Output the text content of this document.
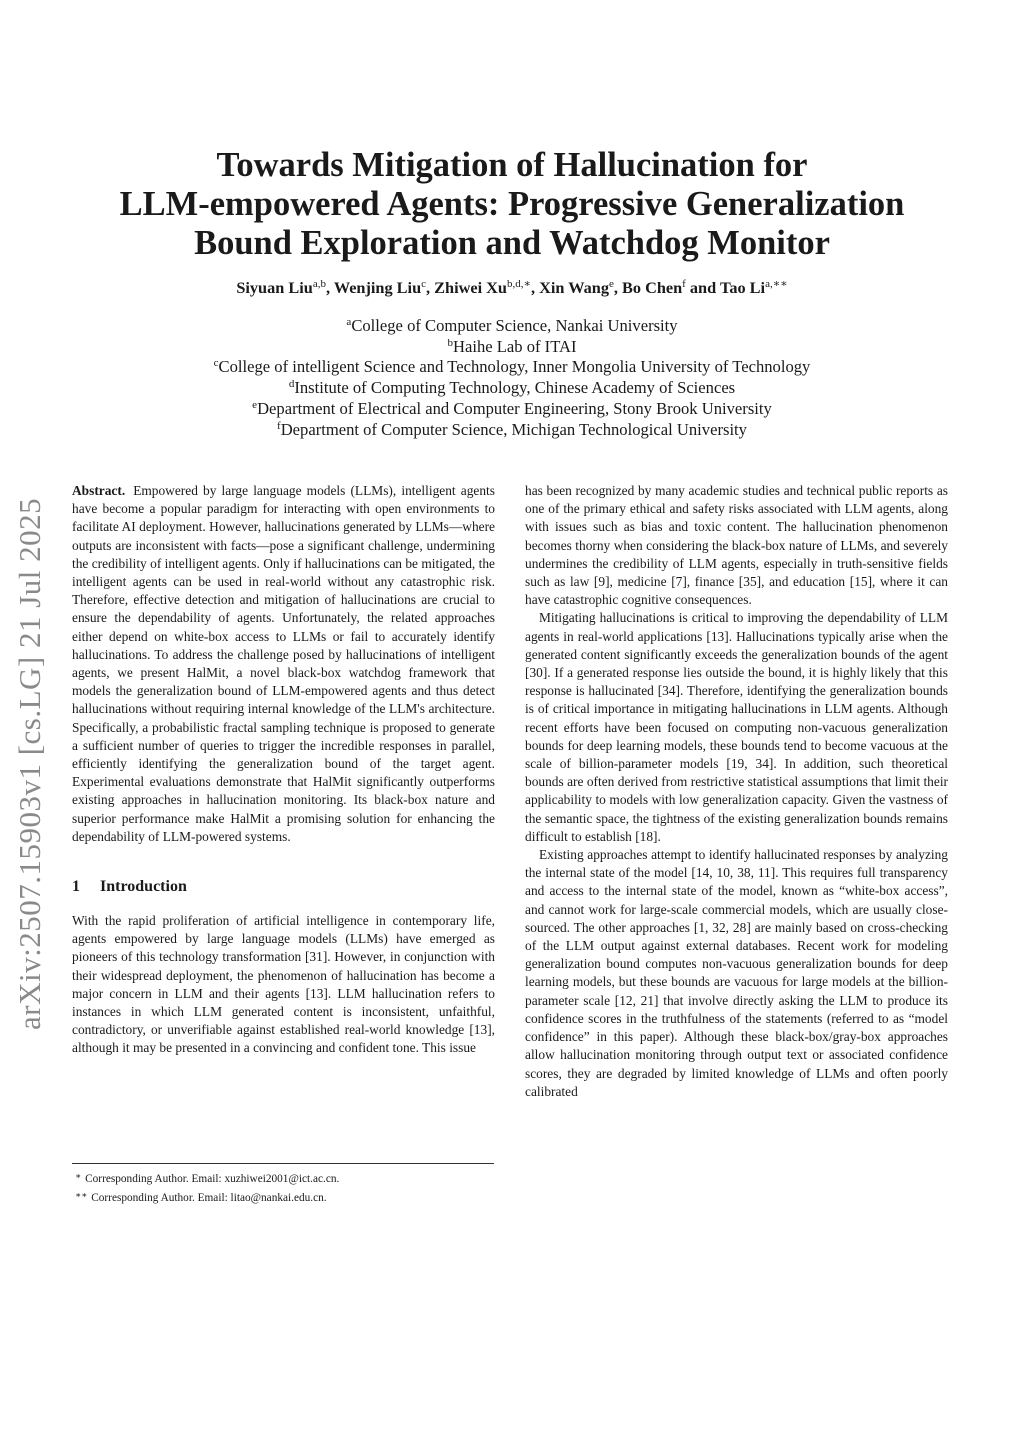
arXiv:2507.15903v1 [cs.LG] 21 Jul 2025
Towards Mitigation of Hallucination for
LLM-empowered Agents: Progressive Generalization
Bound Exploration and Watchdog Monitor
Siyuan Liu$^{a,b}$, Wenjing Liu$^c$, Zhiwei $Xu^{b,d,∗}$, Xin Wang$^e$, Bo Chen$^f$ and Tao $Li^{a,∗∗}$
$^a$College of Computer Science, Nankai University
$^b$Haihe Lab of ITAI
$^c$College of intelligent Science and Technology, Inner Mongolia University of Technology
$^d$Institute of Computing Technology, Chinese Academy of Sciences
$^e$Department of Electrical and Computer Engineering, Stony Brook University
$^f$Department of Computer Science, Michigan Technological University

Abstract. Empowered by large language models (LLMs), intelligent agents have become a popular paradigm for interacting with open environments to facilitate AI deployment. However, hallucinations generated by LLMs—where outputs are inconsistent with facts—pose a significant challenge, undermining the credibility of intelligent agents. Only if hallucinations can be mitigated, the intelligent agents can be used in real-world without any catastrophic risk. Therefore, effective detection and mitigation of hallucinations are crucial to ensure the dependability of agents. Unfortunately, the related approaches either depend on white-box access to LLMs or fail to accurately identify hallucinations. To address the challenge posed by hallucinations of intelligent agents, we present HalMit, a novel black-box watchdog framework that models the generalization bound of LLM-empowered agents and thus detect hallucinations without requiring internal knowledge of the LLM's architecture. Specifically, a probabilistic fractal sampling technique is proposed to generate a sufficient number of queries to trigger the incredible responses in parallel, efficiently identifying the generalization bound of the target agent. Experimental evaluations demonstrate that HalMit significantly outperforms existing approaches in hallucination monitoring. Its black-box nature and superior performance make HalMit a promising solution for enhancing the dependability of LLM-powered systems.

1 Introduction

With the rapid proliferation of artificial intelligence in contemporary life, agents empowered by large language models (LLMs) have emerged as pioneers of this technology transformation [31]. However, in conjunction with their widespread deployment, the phenomenon of hallucination has become a major concern in LLM and their agents [13]. LLM hallucination refers to instances in which LLM generated content is inconsistent, unfaithful, contradictory, or unverifiable against established real-world knowledge [13], although it may be presented in a convincing and confident tone. This issue

has been recognized by many academic studies and technical public reports as one of the primary ethical and safety risks associated with LLM agents, along with issues such as bias and toxic content. The hallucination phenomenon becomes thorny when considering the black-box nature of LLMs, and severely undermines the credibility of LLM agents, especially in truth-sensitive fields such as law [9], medicine [7], finance [35], and education [15], where it can have catastrophic cognitive consequences.

Mitigating hallucinations is critical to improving the dependability of LLM agents in real-world applications [13]. Hallucinations typically arise when the generated content significantly exceeds the generalization bounds of the agent [30]. If a generated response lies outside the bound, it is highly likely that this response is hallucinated [34]. Therefore, identifying the generalization bounds is of critical importance in mitigating hallucinations in LLM agents. Although recent efforts have been focused on computing non-vacuous generalization bounds for deep learning models, these bounds tend to become vacuous at the scale of billion-parameter models [19, 34]. In addition, such theoretical bounds are often derived from restrictive statistical assumptions that limit their applicability to models with low generalization capacity. Given the vastness of the semantic space, the tightness of the existing generalization bounds remains difficult to establish [18].

Existing approaches attempt to identify hallucinated responses by analyzing the internal state of the model [14, 10, 38, 11]. This requires full transparency and access to the internal state of the model, known as “white-box access”, and cannot work for large-scale commercial models, which are usually close-sourced. The other approaches [1, 32, 28] are mainly based on cross-checking of the LLM output against external databases. Recent work for modeling generalization bound computes non-vacuous generalization bounds for deep learning models, but these bounds are vacuous for large models at the billion-parameter scale [12, 21] that involve directly asking the LLM to produce its confidence scores in the truthfulness of the statements (referred to as “model confidence” in this paper). Although these black-box/gray-box approaches allow hallucination monitoring through output text or associated confidence scores, they are degraded by limited knowledge of LLMs and often poorly calibrated

∗ Corresponding Author. Email: xuzhiwei2001@ict.ac.cn.
∗∗ Corresponding Author. Email: litao@nankai.edu.cn.
